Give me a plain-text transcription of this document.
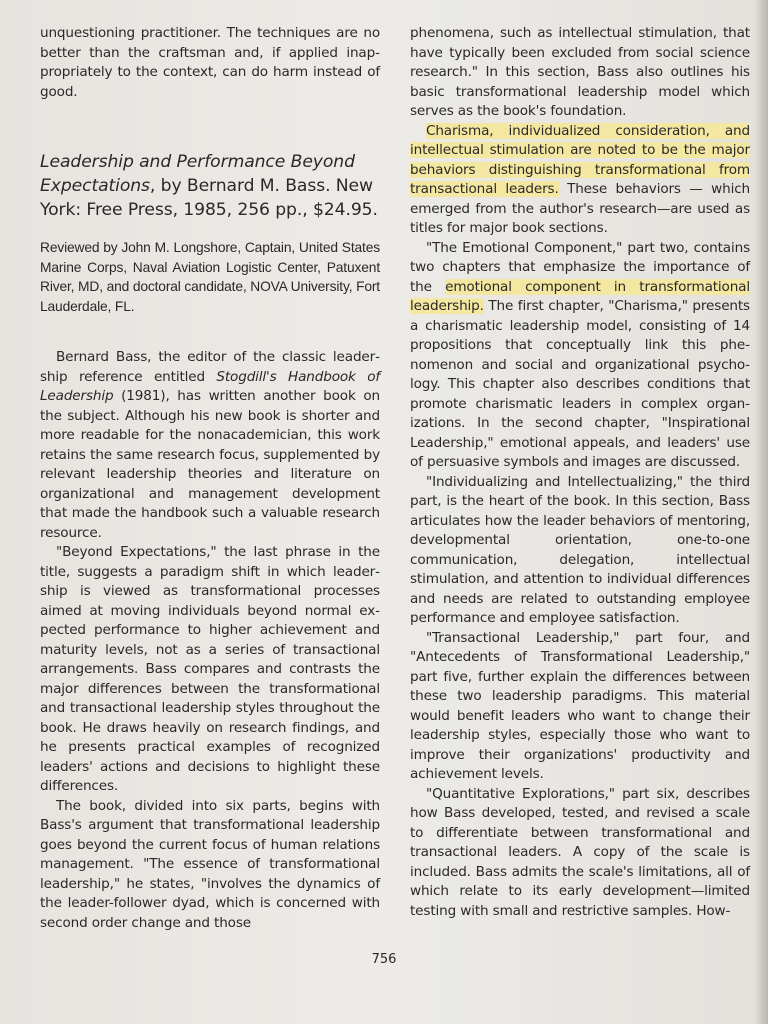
unquestioning practitioner. The techniques are no better than the craftsman and, if applied inappropriately to the context, can do harm instead of good.

Leadership and Performance Beyond Expectations, by Bernard M. Bass. New York: Free Press, 1985, 256 pp., $24.95.

Reviewed by John M. Longshore, Captain, United States Marine Corps, Naval Aviation Logistic Center, Patuxent River, MD, and doctoral candidate, NOVA University, Fort Lauderdale, FL.

Bernard Bass, the editor of the classic leadership reference entitled Stogdill's Handbook of Leadership (1981), has written another book on the subject. Although his new book is shorter and more readable for the nonacademician, this work retains the same research focus, supplemented by relevant leadership theories and literature on organizational and management development that made the handbook such a valuable research resource.

"Beyond Expectations," the last phrase in the title, suggests a paradigm shift in which leadership is viewed as transformational processes aimed at moving individuals beyond normal expected performance to higher achievement and maturity levels, not as a series of transactional arrangements. Bass compares and contrasts the major differences between the transformational and transactional leadership styles throughout the book. He draws heavily on research findings, and he presents practical examples of recognized leaders' actions and decisions to highlight these differences.

The book, divided into six parts, begins with Bass's argument that transformational leadership goes beyond the current focus of human relations management. "The essence of transformational leadership," he states, "involves the dynamics of the leader-follower dyad, which is concerned with second order change and those

phenomena, such as intellectual stimulation, that have typically been excluded from social science research." In this section, Bass also outlines his basic transformational leadership model which serves as the book's foundation.

Charisma, individualized consideration, and intellectual stimulation are noted to be the major behaviors distinguishing transformational from transactional leaders. These behaviors — which emerged from the author's research—are used as titles for major book sections.

"The Emotional Component," part two, contains two chapters that emphasize the importance of the emotional component in transformational leadership. The first chapter, "Charisma," presents a charismatic leadership model, consisting of 14 propositions that conceptually link this phenomenon and social and organizational psychology. This chapter also describes conditions that promote charismatic leaders in complex organizations. In the second chapter, "Inspirational Leadership," emotional appeals, and leaders' use of persuasive symbols and images are discussed.

"Individualizing and Intellectualizing," the third part, is the heart of the book. In this section, Bass articulates how the leader behaviors of mentoring, developmental orientation, one-to-one communication, delegation, intellectual stimulation, and attention to individual differences and needs are related to outstanding employee performance and employee satisfaction.

"Transactional Leadership," part four, and "Antecedents of Transformational Leadership," part five, further explain the differences between these two leadership paradigms. This material would benefit leaders who want to change their leadership styles, especially those who want to improve their organizations' productivity and achievement levels.

"Quantitative Explorations," part six, describes how Bass developed, tested, and revised a scale to differentiate between transformational and transactional leaders. A copy of the scale is included. Bass admits the scale's limitations, all of which relate to its early development—limited testing with small and restrictive samples. How-

756
